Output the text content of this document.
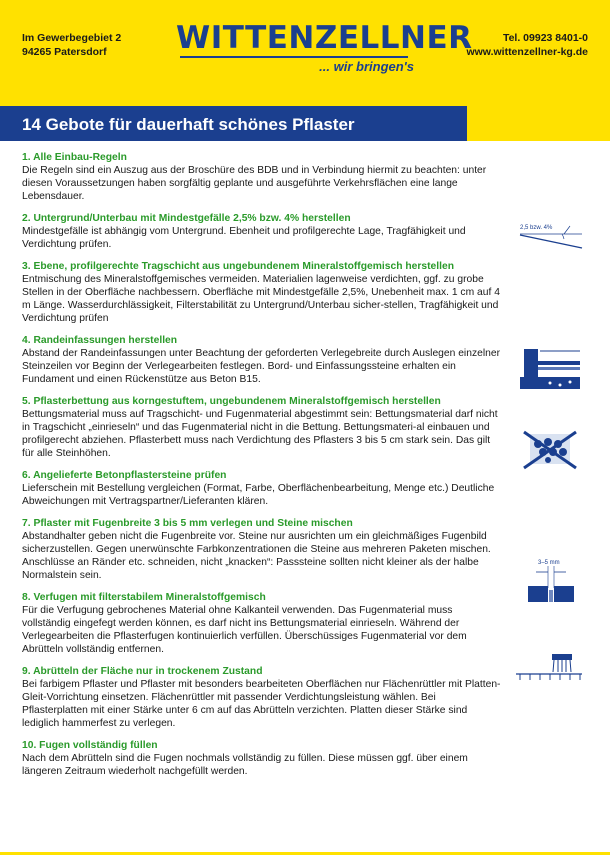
Im Gewerbegebiet 2
94265 Patersdorf	WITTENZELLNER
... wir bringen's
Tel. 09923 8401-0
www.wittenzellner-kg.de
14 Gebote für dauerhaft schönes Pflaster
1. Alle Einbau-Regeln
Die Regeln sind ein Auszug aus der Broschüre des BDB und in Verbindung hiermit zu beachten: unter diesen Voraussetzungen haben sorgfältig geplante und ausgeführte Verkehrsflächen eine lange Lebensdauer.
2. Untergrund/Unterbau mit Mindestgefälle 2,5% bzw. 4% herstellen
Mindestgefälle ist abhängig vom Untergrund. Ebenheit und profilgerechte Lage, Tragfähigkeit und Verdichtung prüfen.
3. Ebene, profilgerechte Tragschicht aus ungebundenem Mineralstoffgemisch herstellen
Entmischung des Mineralstoffgemisches vermeiden. Materialien lagenweise verdichten, ggf. zu grobe Stellen in der Oberfläche nachbessern. Oberfläche mit Mindestgefälle 2,5%, Unebenheit max. 1 cm auf 4 m Länge. Wasserdurchlässigkeit, Filterstabilität zu Untergrund/Unterbau sicher-stellen, Tragfähigkeit und Verdichtung prüfen
4. Randeinfassungen herstellen
Abstand der Randeinfassungen unter Beachtung der geforderten Verlegebreite durch Auslegen einzelner Steinzeilen vor Beginn der Verlegearbeiten festlegen. Bord- und Einfassungssteine erhalten ein Fundament und einen Rückenstütze aus Beton B15.
5. Pflasterbettung aus korngestuftem, ungebundenem Mineralstoffgemisch herstellen
Bettungsmaterial muss auf Tragschicht- und Fugenmaterial abgestimmt sein: Bettungsmaterial darf nicht in Tragschicht „einrieseln“ und das Fugenmaterial nicht in die Bettung. Bettungsmateri-al einbauen und profilgerecht abziehen. Pflasterbett muss nach Verdichtung des Pflasters 3 bis 5 cm stark sein. Das gilt für alle Steinhöhen.
6. Angelieferte Betonpflastersteine prüfen
Lieferschein mit Bestellung vergleichen (Format, Farbe, Oberflächenbearbeitung, Menge etc.) Deutliche Abweichungen mit Vertragspartner/Lieferanten klären.
7. Pflaster mit Fugenbreite 3 bis 5 mm verlegen und Steine mischen
Abstandhalter geben nicht die Fugenbreite vor. Steine nur ausrichten um ein gleichmäßiges Fugenbild sicherzustellen. Gegen unerwünschte Farbkonzentrationen die Steine aus mehreren Paketen mischen. Anschlüsse an Ränder etc. schneiden, nicht „knacken“: Passsteine sollten nicht kleiner als der halbe Normalstein sein.
8. Verfugen mit filterstabilem Mineralstoffgemisch
Für die Verfugung gebrochenes Material ohne Kalkanteil verwenden. Das Fugenmaterial muss vollständig eingefegt werden können, es darf nicht ins Bettungsmaterial einrieseln. Während der Verlegearbeiten die Pflasterfugen kontinuierlich verfüllen. Überschüssiges Fugenmaterial vor dem Abrütteln vollständig entfernen.
9. Abrütteln der Fläche nur in trockenem Zustand
Bei farbigem Pflaster und Pflaster mit besonders bearbeiteten Oberflächen nur Flächenrüttler mit Platten-Gleit-Vorrichtung einsetzen. Flächenrüttler mit passender Verdichtungsleistung wählen. Bei Pflasterplatten mit einer Stärke unter 6 cm auf das Abrütteln verzichten. Platten dieser Stärke sind lediglich hammerfest zu verlegen.
10. Fugen vollständig füllen
Nach dem Abrütteln sind die Fugen nochmals vollständig zu füllen. Diese müssen ggf. über einem längeren Zeitraum wiederholt nachgefüllt werden.
2,5 bzw. 4%
3–5 mm
